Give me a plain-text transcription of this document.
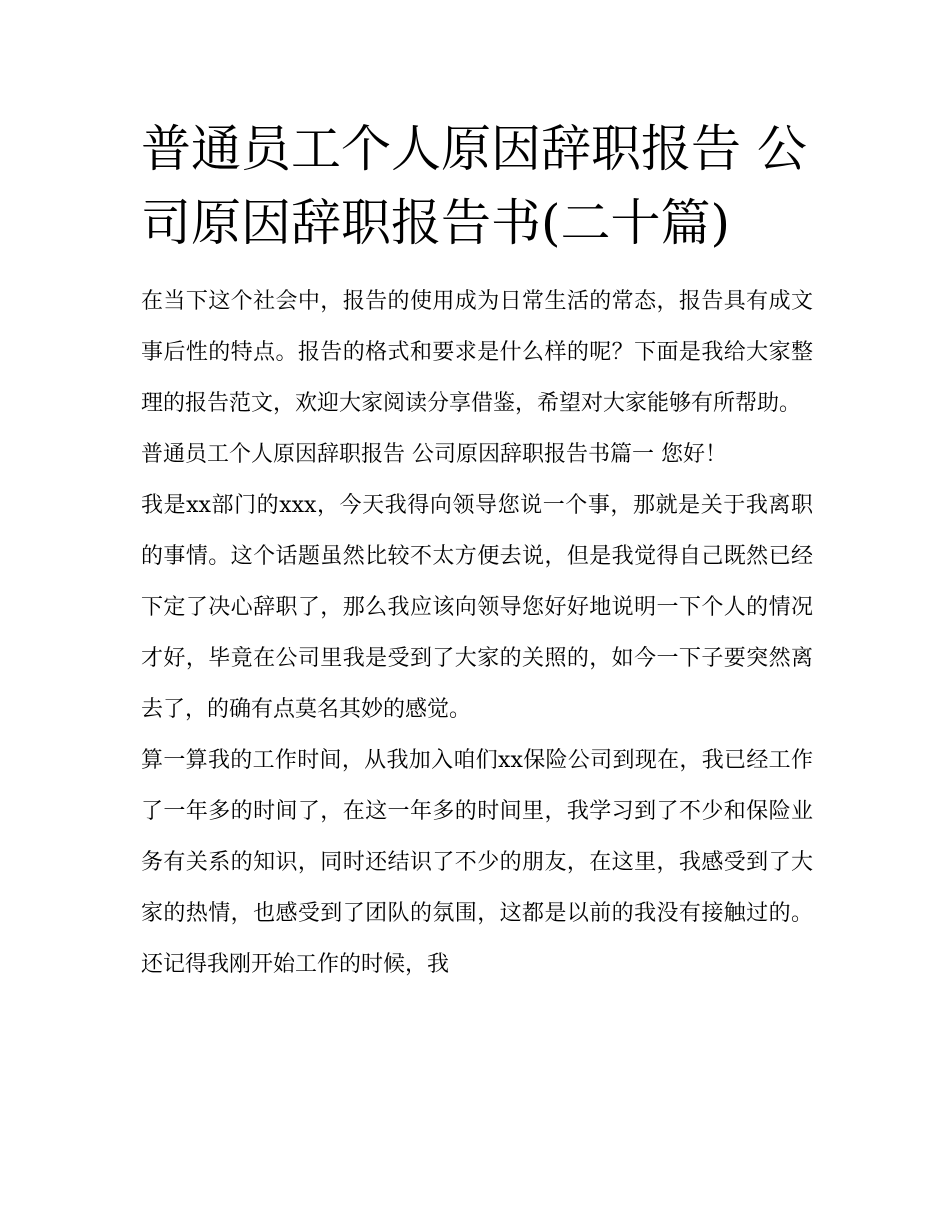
普通员工个人原因辞职报告 公司原因辞职报告书(二十篇)

在当下这个社会中，报告的使用成为日常生活的常态，报告具有成文事后性的特点。报告的格式和要求是什么样的呢？下面是我给大家整理的报告范文，欢迎大家阅读分享借鉴，希望对大家能够有所帮助。

普通员工个人原因辞职报告 公司原因辞职报告书篇一 您好！

我是xx部门的xxx，今天我得向领导您说一个事，那就是关于我离职的事情。这个话题虽然比较不太方便去说，但是我觉得自己既然已经下定了决心辞职了，那么我应该向领导您好好地说明一下个人的情况才好，毕竟在公司里我是受到了大家的关照的，如今一下子要突然离去了，的确有点莫名其妙的感觉。

算一算我的工作时间，从我加入咱们xx保险公司到现在，我已经工作了一年多的时间了，在这一年多的时间里，我学习到了不少和保险业务有关系的知识，同时还结识了不少的朋友，在这里，我感受到了大家的热情，也感受到了团队的氛围，这都是以前的我没有接触过的。还记得我刚开始工作的时候，我
